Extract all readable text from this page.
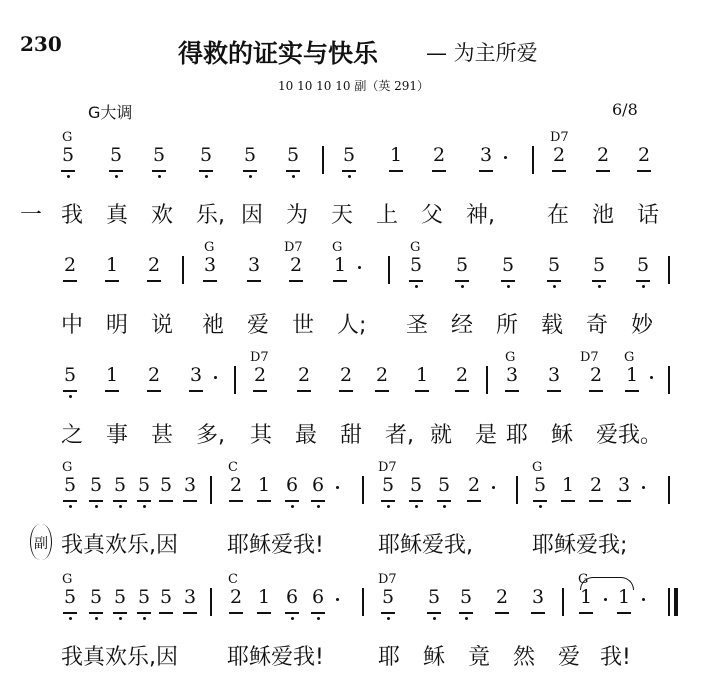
230	得救的证实与快乐 — 为主所爱
10 10 10 10 副（英 291）
G大调	6/8
一
副
G	D7
5 5 5 5 5 5 5 1 2 3	2 2 2
我 真 欢 乐, 因 为 天 上 父 神, 在 池 话
G	D7 G	G
2 1 2 3 3 2 1	5 5 5 5 5 5
中 明 说 祂 爱 世 人; 圣 经 所 载 奇 妙
D7	G	D7 G
5 1 2 3	2 2 2 2 1 2 3 3 2 1
之 事 甚 多, 其 最 甜 者, 就 是 耶 稣 爱 我。
G	C	D7	G
5 5 5 5 5 3 2 1 6 6	5 5 5 2	5 1 2 3
我真欢乐,因 耶稣爱我! 耶稣爱我,	耶稣爱我;
G	C	D7	G
5 5 5 5 5 3 2 1 6 6	5 5 5 2 3 1 1
我真欢乐,因 耶稣爱我! 耶 稣 竟 然 爱 我!
